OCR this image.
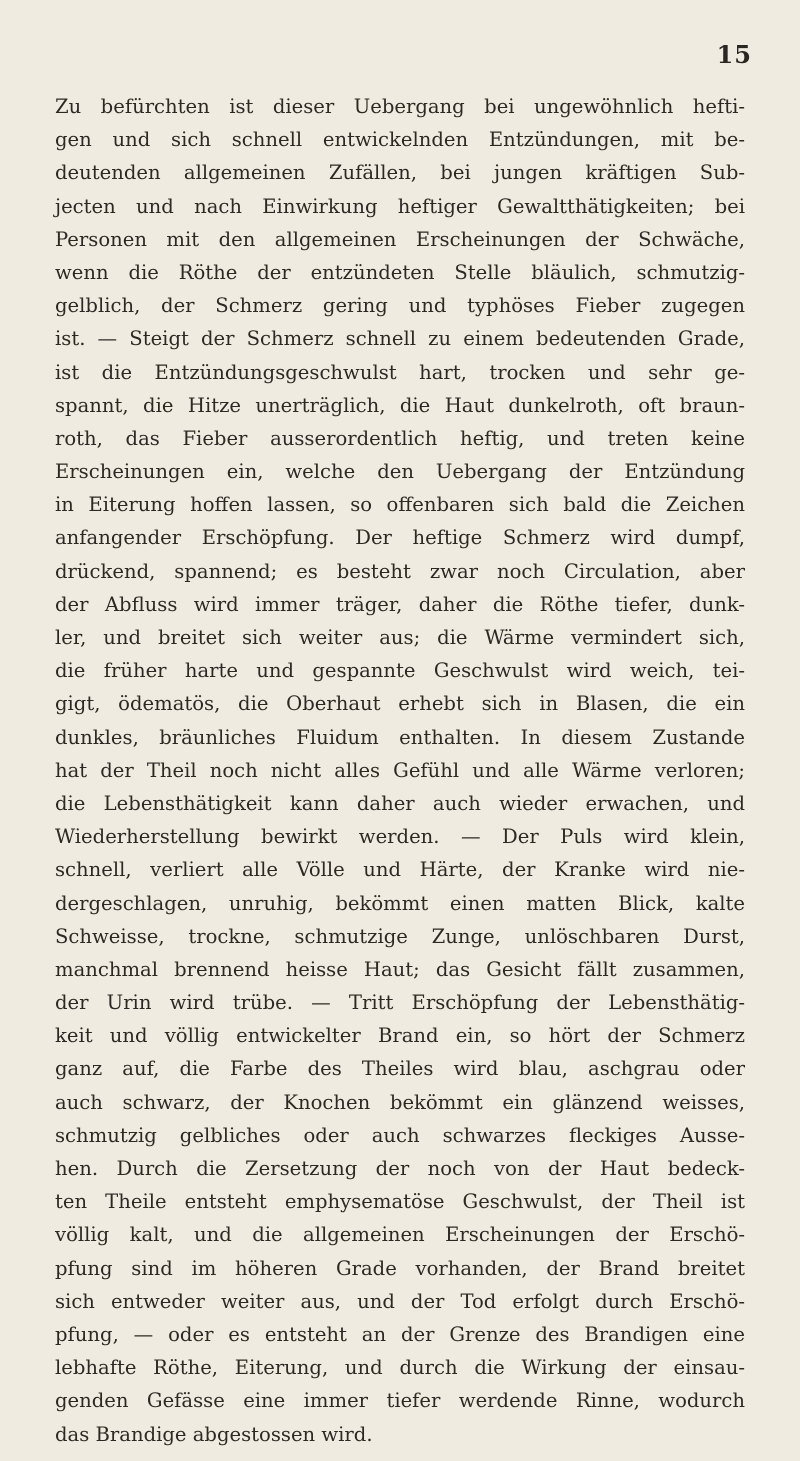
15
Zu befürchten ist dieser Uebergang bei ungewöhnlich hefti-
gen und sich schnell entwickelnden Entzündungen, mit be-
deutenden allgemeinen Zufällen, bei jungen kräftigen Sub-
jecten und nach Einwirkung heftiger Gewaltthätigkeiten; bei
Personen mit den allgemeinen Erscheinungen der Schwäche,
wenn die Röthe der entzündeten Stelle bläulich, schmutzig-
gelblich, der Schmerz gering und typhöses Fieber zugegen
ist. — Steigt der Schmerz schnell zu einem bedeutenden Grade,
ist die Entzündungsgeschwulst hart, trocken und sehr ge-
spannt, die Hitze unerträglich, die Haut dunkelroth, oft braun-
roth, das Fieber ausserordentlich heftig, und treten keine
Erscheinungen ein, welche den Uebergang der Entzündung
in Eiterung hoffen lassen, so offenbaren sich bald die Zeichen
anfangender Erschöpfung. Der heftige Schmerz wird dumpf,
drückend, spannend; es besteht zwar noch Circulation, aber
der Abfluss wird immer träger, daher die Röthe tiefer, dunk-
ler, und breitet sich weiter aus; die Wärme vermindert sich,
die früher harte und gespannte Geschwulst wird weich, tei-
gigt, ödematös, die Oberhaut erhebt sich in Blasen, die ein
dunkles, bräunliches Fluidum enthalten. In diesem Zustande
hat der Theil noch nicht alles Gefühl und alle Wärme verloren;
die Lebensthätigkeit kann daher auch wieder erwachen, und
Wiederherstellung bewirkt werden. — Der Puls wird klein,
schnell, verliert alle Völle und Härte, der Kranke wird nie-
dergeschlagen, unruhig, bekömmt einen matten Blick, kalte
Schweisse, trockne, schmutzige Zunge, unlöschbaren Durst,
manchmal brennend heisse Haut; das Gesicht fällt zusammen,
der Urin wird trübe. — Tritt Erschöpfung der Lebensthätig-
keit und völlig entwickelter Brand ein, so hört der Schmerz
ganz auf, die Farbe des Theiles wird blau, aschgrau oder
auch schwarz, der Knochen bekömmt ein glänzend weisses,
schmutzig gelbliches oder auch schwarzes fleckiges Ausse-
hen. Durch die Zersetzung der noch von der Haut bedeck-
ten Theile entsteht emphysematöse Geschwulst, der Theil ist
völlig kalt, und die allgemeinen Erscheinungen der Erschö-
pfung sind im höheren Grade vorhanden, der Brand breitet
sich entweder weiter aus, und der Tod erfolgt durch Erschö-
pfung, — oder es entsteht an der Grenze des Brandigen eine
lebhafte Röthe, Eiterung, und durch die Wirkung der einsau-
genden Gefässe eine immer tiefer werdende Rinne, wodurch
das Brandige abgestossen wird.
